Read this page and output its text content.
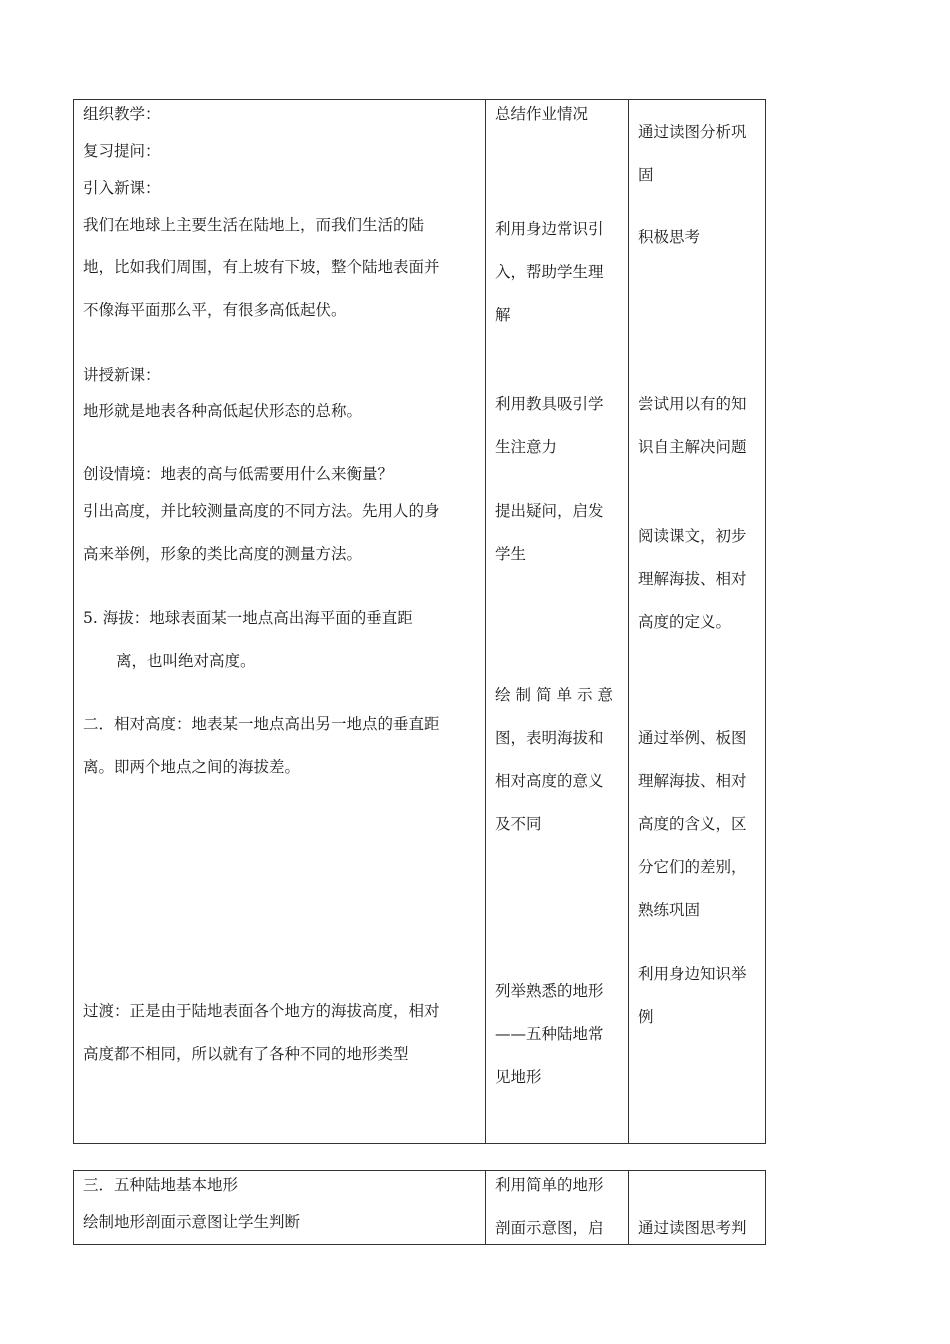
组织教学：

复习提问：

引入新课：

我们在地球上主要生活在陆地上，而我们生活的陆

地，比如我们周围，有上坡有下坡，整个陆地表面并

不像海平面那么平，有很多高低起伏。

讲授新课：

地形就是地表各种高低起伏形态的总称。

创设情境：地表的高与低需要用什么来衡量？

引出高度，并比较测量高度的不同方法。先用人的身

高来举例，形象的类比高度的测量方法。

5. 海拔：地球表面某一地点高出海平面的垂直距

离，也叫绝对高度。

二．相对高度：地表某一地点高出另一地点的垂直距

离。即两个地点之间的海拔差。

过渡：正是由于陆地表面各个地方的海拔高度，相对

高度都不相同，所以就有了各种不同的地形类型

总结作业情况

利用身边常识引

入，帮助学生理

解

利用教具吸引学

生注意力

提出疑问，启发

学生

绘制简单示意

图，表明海拔和

相对高度的意义

及不同

列举熟悉的地形

——五种陆地常

见地形

通过读图分析巩

固

积极思考

尝试用以有的知

识自主解决问题

阅读课文，初步

理解海拔、相对

高度的定义。

通过举例、板图

理解海拔、相对

高度的含义，区

分它们的差别，

熟练巩固

利用身边知识举

例

三．五种陆地基本地形

绘制地形剖面示意图让学生判断

利用简单的地形

剖面示意图，启 通过读图思考判
